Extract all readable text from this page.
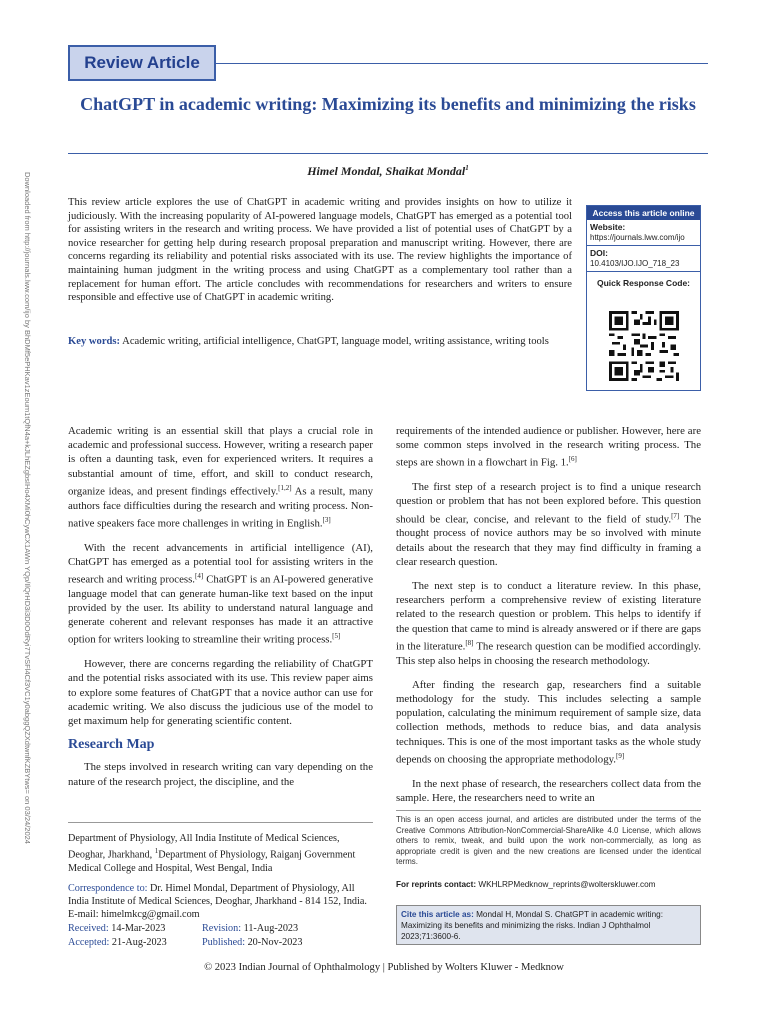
Downloaded from http://journals.lww.com/ijo by BhDMf5ePHKav1zEoum1tQfN4a+kJLhEZgbsIHo4XMi0hCywCX1AWn YQp/IlQrHD3i3D0OdRyi7TvSFl4Cf3VC1y0abggQZXdtwnfKZBYtws= on 03/24/2024
Review Article
ChatGPT in academic writing: Maximizing its benefits and minimizing the risks
Himel Mondal, Shaikat Mondal$^1$
This review article explores the use of ChatGPT in academic writing and provides insights on how to utilize it judiciously. With the increasing popularity of AI-powered language models, ChatGPT has emerged as a potential tool for assisting writers in the research and writing process. We have provided a list of potential uses of ChatGPT by a novice researcher for getting help during research proposal preparation and manuscript writing. However, there are concerns regarding its reliability and potential risks associated with its use. The review highlights the importance of maintaining human judgment in the writing process and using ChatGPT as a complementary tool rather than a replacement for human effort. The article concludes with recommendations for researchers and writers to ensure responsible and effective use of ChatGPT in academic writing.
Key words: Academic writing, artificial intelligence, ChatGPT, language model, writing assistance, writing tools
Access this article online
Website:
https://journals.lww.com/ijo
DOI:
10.4103/IJO.IJO_718_23
Quick Response Code:

Academic writing is an essential skill that plays a crucial role in academic and professional success. However, writing a research paper is often a daunting task, even for experienced writers. It requires a substantial amount of time, effort, and skill to conduct research, organize ideas, and present findings effectively.[1,2] As a result, many authors face difficulties during the research and writing process. Non-native speakers face more challenges in writing in English.[3]

With the recent advancements in artificial intelligence (AI), ChatGPT has emerged as a potential tool for assisting writers in the research and writing process.[4] ChatGPT is an AI-powered generative language model that can generate human-like text based on the input provided by the user. Its ability to understand natural language and generate coherent and relevant responses has made it an attractive option for writers looking to streamline their writing process.[5]

However, there are concerns regarding the reliability of ChatGPT and the potential risks associated with its use. This review paper aims to explore some features of ChatGPT that a novice author can use for academic writing. We also discuss the judicious use of the model to get maximum help for generating scientific content.

Research Map

The steps involved in research writing can vary depending on the nature of the research project, the discipline, and the

requirements of the intended audience or publisher. However, here are some common steps involved in the research writing process. The steps are shown in a flowchart in Fig. 1.[6]

The first step of a research project is to find a unique research question or problem that has not been explored before. This question should be clear, concise, and relevant to the field of study.[7] The thought process of novice authors may be so involved with minute details about the research that they may find difficulty in framing a clear research question.

The next step is to conduct a literature review. In this phase, researchers perform a comprehensive review of existing literature related to the research question or problem. This helps to identify if the question that came to mind is already answered or if there are gaps in the literature.[8] The research question can be modified accordingly. This step also helps in choosing the research methodology.

After finding the research gap, researchers find a suitable methodology for the study. This includes selecting a sample population, calculating the minimum requirement of sample size, data collection methods, methods to reduce bias, and data analysis techniques. This is one of the most important tasks as the whole study depends on choosing the appropriate methodology.[9]

In the next phase of research, the researchers collect data from the sample. Here, the researchers need to write an

Department of Physiology, All India Institute of Medical Sciences, Deoghar, Jharkhand, $^1$Department of Physiology, Raiganj Government Medical College and Hospital, West Bengal, India
Correspondence to: Dr. Himel Mondal, Department of Physiology, All India Institute of Medical Sciences, Deoghar, Jharkhand - 814 152, India. E-mail: himelmkcg@gmail.com
Received: 14-Mar-2023	Revision: 11-Aug-2023
Accepted: 21-Aug-2023	Published: 20-Nov-2023
This is an open access journal, and articles are distributed under the terms of the Creative Commons Attribution-NonCommercial-ShareAlike 4.0 License, which allows others to remix, tweak, and build upon the work non-commercially, as long as appropriate credit is given and the new creations are licensed under the identical terms.
For reprints contact: WKHLRPMedknow_reprints@wolterskluwer.com
Cite this article as: Mondal H, Mondal S. ChatGPT in academic writing: Maximizing its benefits and minimizing the risks. Indian J Ophthalmol 2023;71:3600-6.
© 2023 Indian Journal of Ophthalmology | Published by Wolters Kluwer - Medknow
